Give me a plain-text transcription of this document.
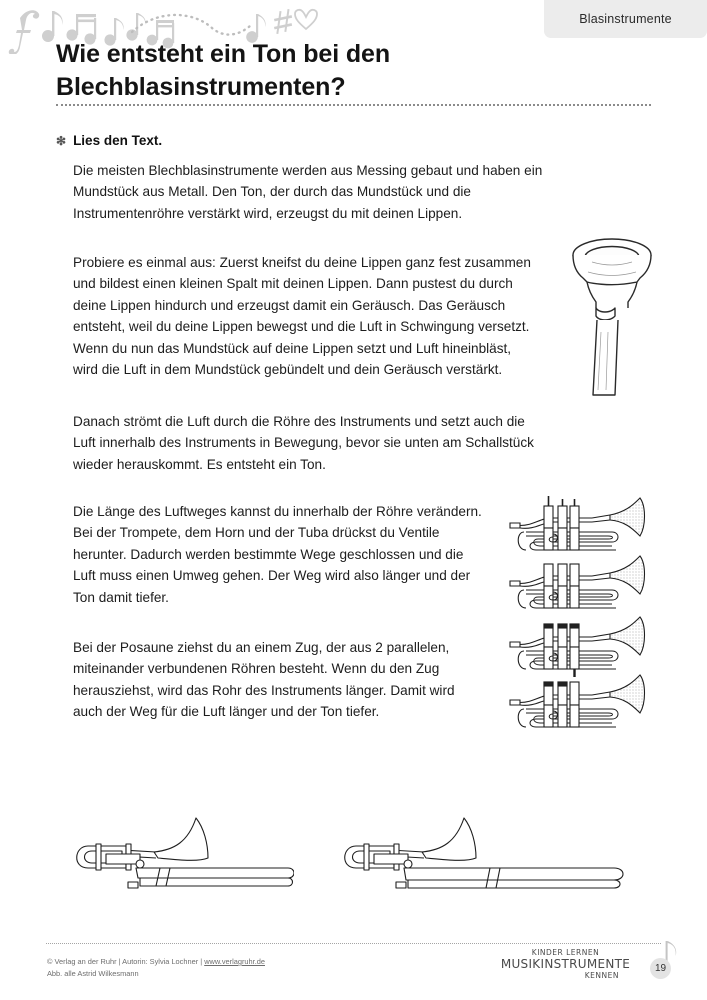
Blasinstrumente
Wie entsteht ein Ton bei den Blechblasinstrumenten?
❇ Lies den Text.

Die meisten Blechblasinstrumente werden aus Messing gebaut und haben ein Mundstück aus Metall. Den Ton, der durch das Mundstück und die Instrumentenröhre verstärkt wird, erzeugst du mit deinen Lippen.

Probiere es einmal aus: Zuerst kneifst du deine Lippen ganz fest zusammen und bildest einen kleinen Spalt mit deinen Lippen. Dann pustest du durch deine Lippen hindurch und erzeugst damit ein Geräusch. Das Geräusch entsteht, weil du deine Lippen bewegst und die Luft in Schwingung versetzt. Wenn du nun das Mundstück auf deine Lippen setzt und Luft hineinbläst, wird die Luft in dem Mundstück gebündelt und dein Geräusch verstärkt.

Danach strömt die Luft durch die Röhre des Instruments und setzt auch die Luft innerhalb des Instruments in Bewegung, bevor sie unten am Schallstück wieder herauskommt. Es entsteht ein Ton.

Die Länge des Luftweges kannst du innerhalb der Röhre verändern. Bei der Trompete, dem Horn und der Tuba drückst du Ventile herunter. Dadurch werden bestimmte Wege geschlossen und die Luft muss einen Umweg gehen. Der Weg wird also länger und der Ton damit tiefer.

Bei der Posaune ziehst du an einem Zug, der aus 2 parallelen, miteinander verbundenen Röhren besteht. Wenn du den Zug herausziehst, wird das Rohr des Instruments länger. Damit wird auch der Weg für die Luft länger und der Ton tiefer.

© Verlag an der Ruhr | Autorin: Sylvia Lochner | www.verlagruhr.de
Abb. alle Astrid Wilkesmann
KINDER LERNEN
MUSIKINSTRUMENTE
KENNEN
19
